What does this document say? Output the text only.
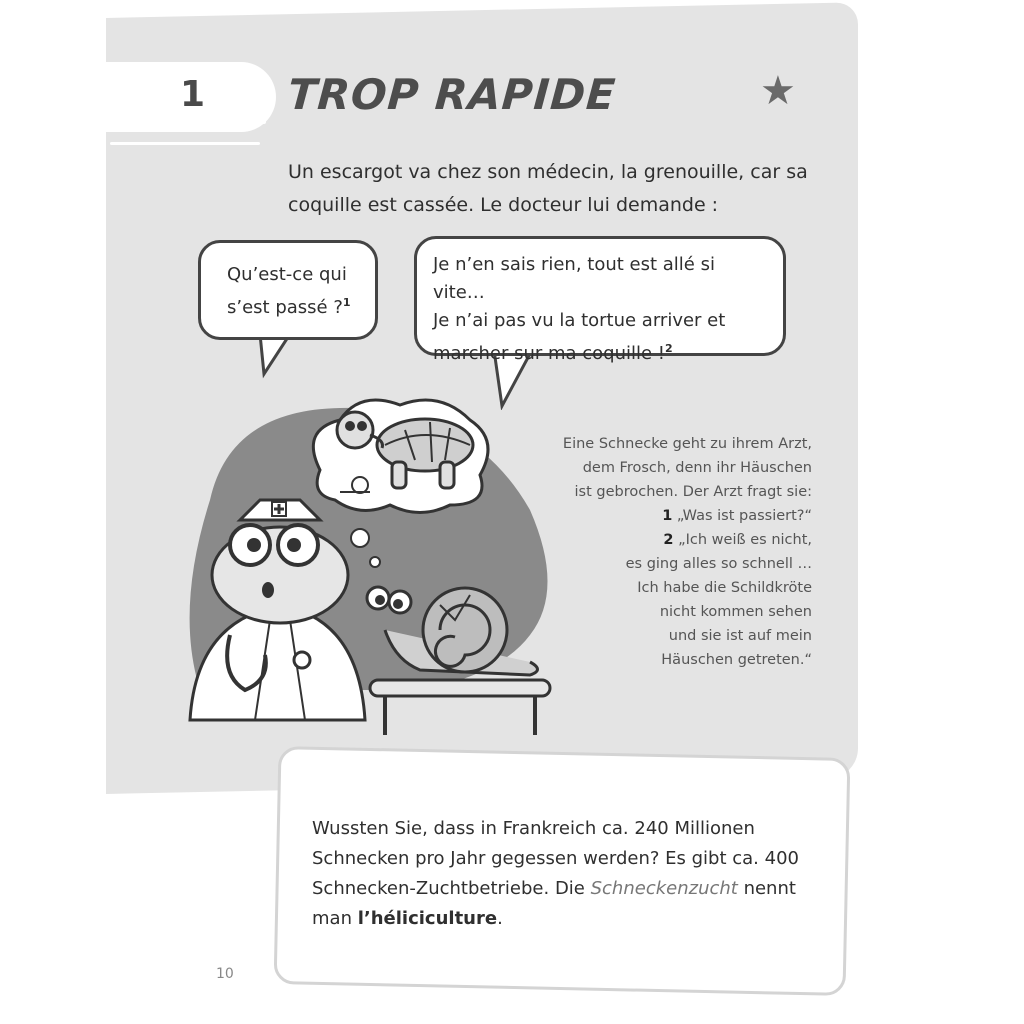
1 TROP RAPIDE	★
Un escargot va chez son médecin, la grenouille, car sa
coquille est cassée. Le docteur lui demande :
Qu’est-ce qui
s’est passé ?$^1$
Je n’en sais rien, tout est allé si vite…
Je n’ai pas vu la tortue arriver et
marcher sur ma coquille !$^2$
Eine Schnecke geht zu ihrem Arzt,
dem Frosch, denn ihr Häuschen
ist gebrochen. Der Arzt fragt sie:
1 „Was ist passiert?“
2 „Ich weiß es nicht,
es ging alles so schnell …
Ich habe die Schildkröte
nicht kommen sehen
und sie ist auf mein
Häuschen getreten.“
Wussten Sie, dass in Frankreich ca. 240 Millionen Schnecken pro Jahr gegessen werden? Es gibt ca. 400 Schnecken-Zuchtbetriebe. Die Schneckenzucht nennt man l’héliciculture.
10
